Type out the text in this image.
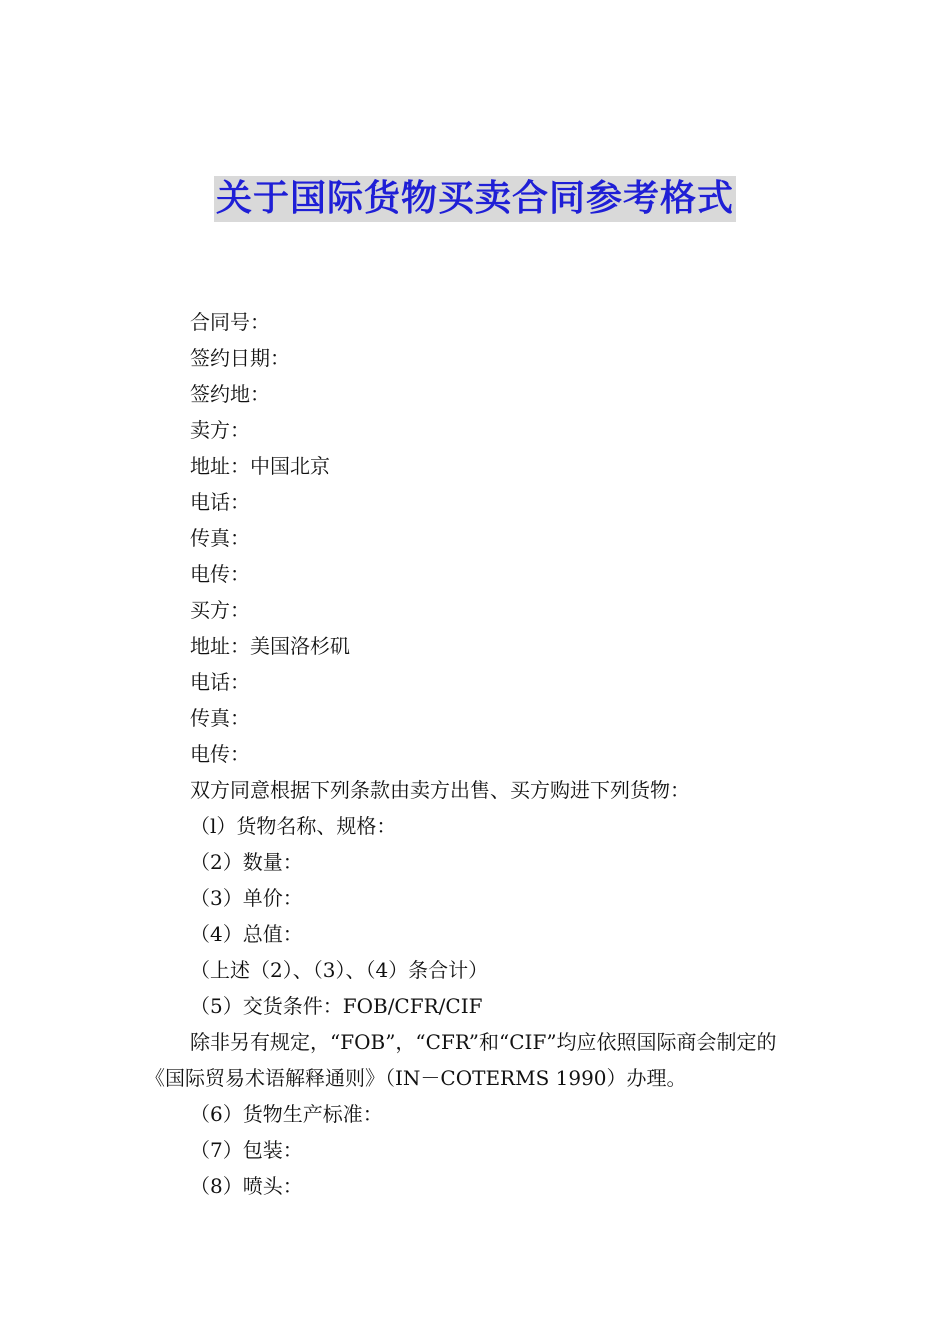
关于国际货物买卖合同参考格式
合同号：
签约日期：
签约地：
卖方：
地址：中国北京
电话：
传真：
电传：
买方：
地址：美国洛杉矶
电话：
传真：
电传：
双方同意根据下列条款由卖方出售、买方购进下列货物：
（l）货物名称、规格：
（2）数量：
（3）单价：
（4）总值：
（上述（2）、（3）、（4）条合计）
（5）交货条件：FOB/CFR/CIF
除非另有规定，“FOB”，“CFR”和“CIF”均应依照国际商会制定的《国际贸易术语解释通则》（IN－COTERMS 1990）办理。
（6）货物生产标准：
（7）包装：
（8）喷头：
